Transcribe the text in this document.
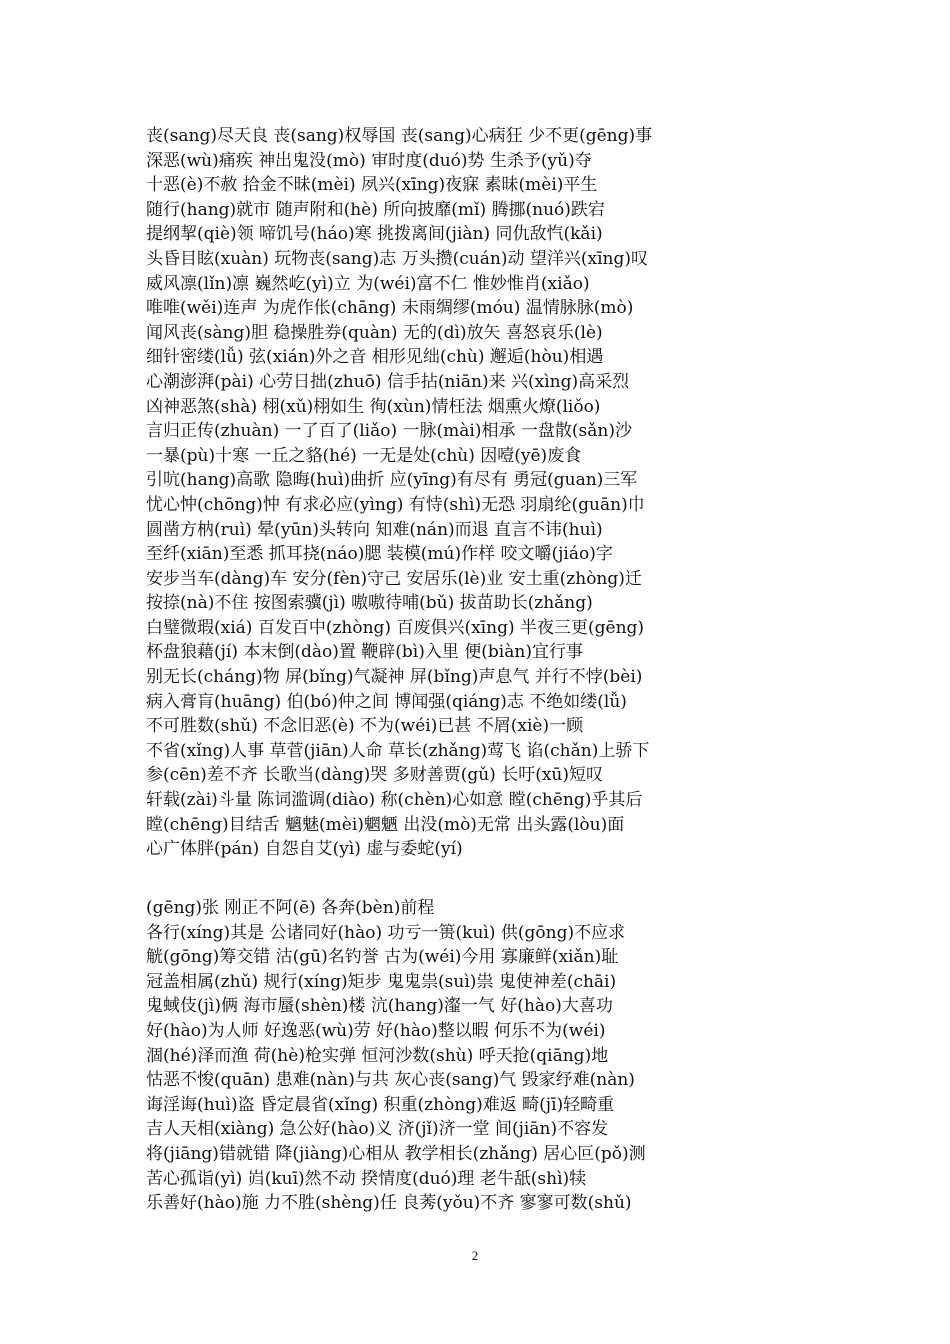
丧(sang)尽天良 丧(sang)权辱国 丧(sang)心病狂 少不更(gēng)事
深恶(wù)痛疾 神出鬼没(mò) 审时度(duó)势 生杀予(yǔ)夺
十恶(è)不赦 拾金不昧(mèi) 夙兴(xīng)夜寐 素昧(mèi)平生
随行(hang)就市 随声附和(hè) 所向披靡(mǐ) 腾挪(nuó)跌宕
提纲挈(qiè)领 啼饥号(háo)寒 挑拨离间(jiàn) 同仇敌忾(kǎi)
头昏目眩(xuàn) 玩物丧(sang)志 万头攒(cuán)动 望洋兴(xīng)叹
威风凛(lǐn)凛 巍然屹(yì)立 为(wéi)富不仁 惟妙惟肖(xiǎo)
唯唯(wěi)连声 为虎作伥(chāng) 未雨绸缪(móu) 温情脉脉(mò)
闻风丧(sàng)胆 稳操胜券(quàn) 无的(dì)放矢 喜怒哀乐(lè)
细针密缕(lǚ) 弦(xián)外之音 相形见绌(chù) 邂逅(hòu)相遇
心潮澎湃(pài) 心劳日拙(zhuō) 信手拈(niān)来 兴(xìng)高采烈
凶神恶煞(shà) 栩(xǔ)栩如生 徇(xùn)情枉法 烟熏火燎(liǒo)
言归正传(zhuàn) 一了百了(liǎo) 一脉(mài)相承 一盘散(sǎn)沙
一暴(pù)十寒 一丘之貉(hé) 一无是处(chù) 因噎(yē)废食
引吭(hang)高歌 隐晦(huì)曲折 应(yīng)有尽有 勇冠(guan)三军
忧心忡(chōng)忡 有求必应(yìng) 有恃(shì)无恐 羽扇纶(guān)巾
圆凿方枘(ruì) 晕(yūn)头转向 知难(nán)而退 直言不讳(huì)
至纤(xiān)至悉 抓耳挠(náo)腮 装模(mú)作样 咬文嚼(jiáo)字
安步当车(dàng)车 安分(fèn)守己 安居乐(lè)业 安土重(zhòng)迁
按捺(nà)不住 按图索骥(jì) 嗷嗷待哺(bǔ) 拔苗助长(zhǎng)
白璧微瑕(xiá) 百发百中(zhòng) 百废俱兴(xīng) 半夜三更(gēng)
杯盘狼藉(jí) 本末倒(dào)置 鞭辟(bì)入里 便(biàn)宜行事
别无长(cháng)物 屏(bǐng)气凝神 屏(bǐng)声息气 并行不悖(bèi)
病入膏肓(huāng) 伯(bó)仲之间 博闻强(qiáng)志 不绝如缕(lǚ)
不可胜数(shǔ) 不念旧恶(è) 不为(wéi)已甚 不屑(xiè)一顾
不省(xǐng)人事 草菅(jiān)人命 草长(zhǎng)莺飞 谄(chǎn)上骄下
参(cēn)差不齐 长歌当(dàng)哭 多财善贾(gǔ) 长吁(xū)短叹
轩载(zài)斗量 陈词滥调(diào) 称(chèn)心如意 瞠(chēng)乎其后
瞠(chēng)目结舌 魑魅(mèi)魍魉 出没(mò)无常 出头露(lòu)面
心广体胖(pán) 自怨自艾(yì) 虚与委蛇(yí)
(gēng)张 刚正不阿(ē) 各奔(bèn)前程
各行(xíng)其是 公诸同好(hào) 功亏一篑(kuì) 供(gōng)不应求
觥(gōng)筹交错 沽(gū)名钓誉 古为(wéi)今用 寡廉鲜(xiǎn)耻
冠盖相属(zhǔ) 规行(xíng)矩步 鬼鬼祟(suì)祟 鬼使神差(chāi)
鬼蜮伎(jì)俩 海市蜃(shèn)楼 沆(hang)瀣一气 好(hào)大喜功
好(hào)为人师 好逸恶(wù)劳 好(hào)整以暇 何乐不为(wéi)
涸(hé)泽而渔 荷(hè)枪实弹 恒河沙数(shù) 呼天抢(qiāng)地
怙恶不悛(quān) 患难(nàn)与共 灰心丧(sang)气 毁家纾难(nàn)
诲淫诲(huì)盗 昏定晨省(xǐng) 积重(zhòng)难返 畸(jī)轻畸重
吉人天相(xiàng) 急公好(hào)义 济(jǐ)济一堂 间(jiān)不容发
将(jiāng)错就错 降(jiàng)心相从 教学相长(zhǎng) 居心叵(pǒ)测
苦心孤诣(yì) 岿(kuī)然不动 揆情度(duó)理 老牛舐(shì)犊
乐善好(hào)施 力不胜(shèng)任 良莠(yǒu)不齐 寥寥可数(shǔ)
2
